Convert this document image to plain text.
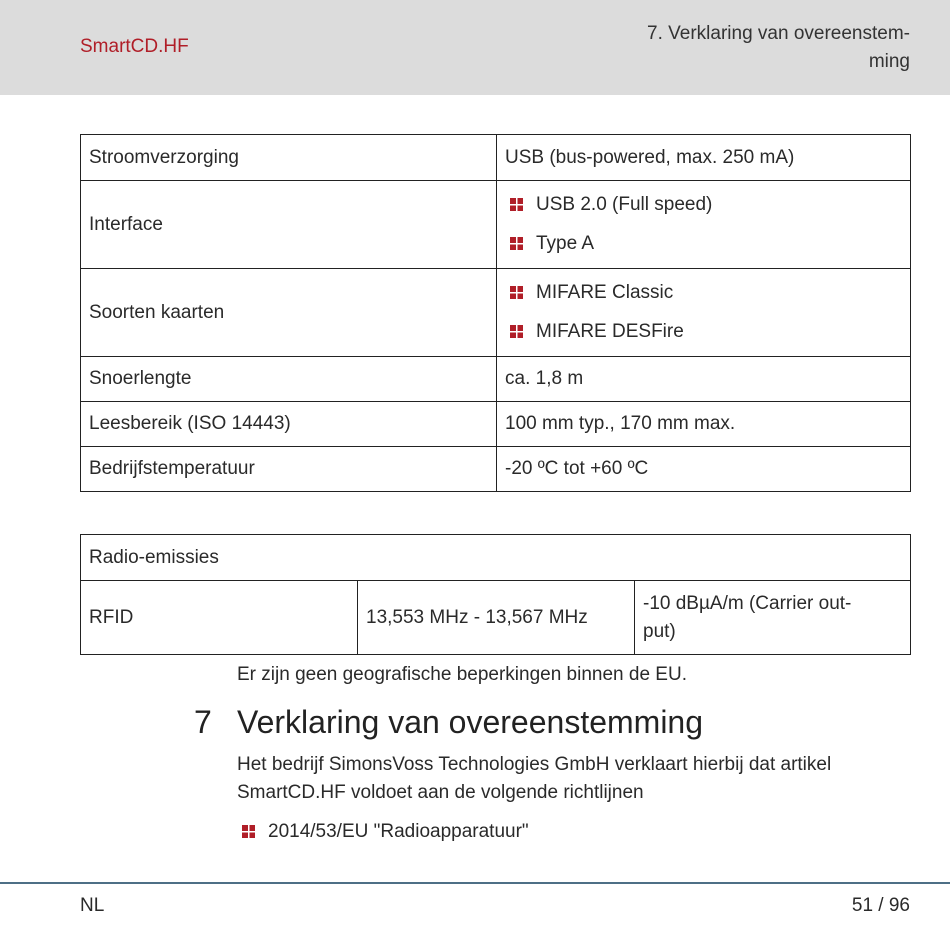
SmartCD.HF
7. Verklaring van overeenstem-
ming
Stroomverzorging	USB (bus-powered, max. 250 mA)
Interface	USB 2.0 (Full speed)
Type A

Soorten kaarten	MIFARE Classic
MIFARE DESFire

Snoerlengte	ca. 1,8 m
Leesbereik (ISO 14443)	100 mm typ., 170 mm max.
Bedrijfstemperatuur	-20 ºC tot +60 ºC
Radio-emissies
RFID	13,553 MHz - 13,567 MHz	-10 dBµA/m (Carrier out-
put)
Er zijn geen geografische beperkingen binnen de EU.
7 Verklaring van overeenstemming
Het bedrijf SimonsVoss Technologies GmbH verklaart hierbij dat artikel
SmartCD.HF voldoet aan de volgende richtlijnen
2014/53/EU "Radioapparatuur"
NL	51 / 96
